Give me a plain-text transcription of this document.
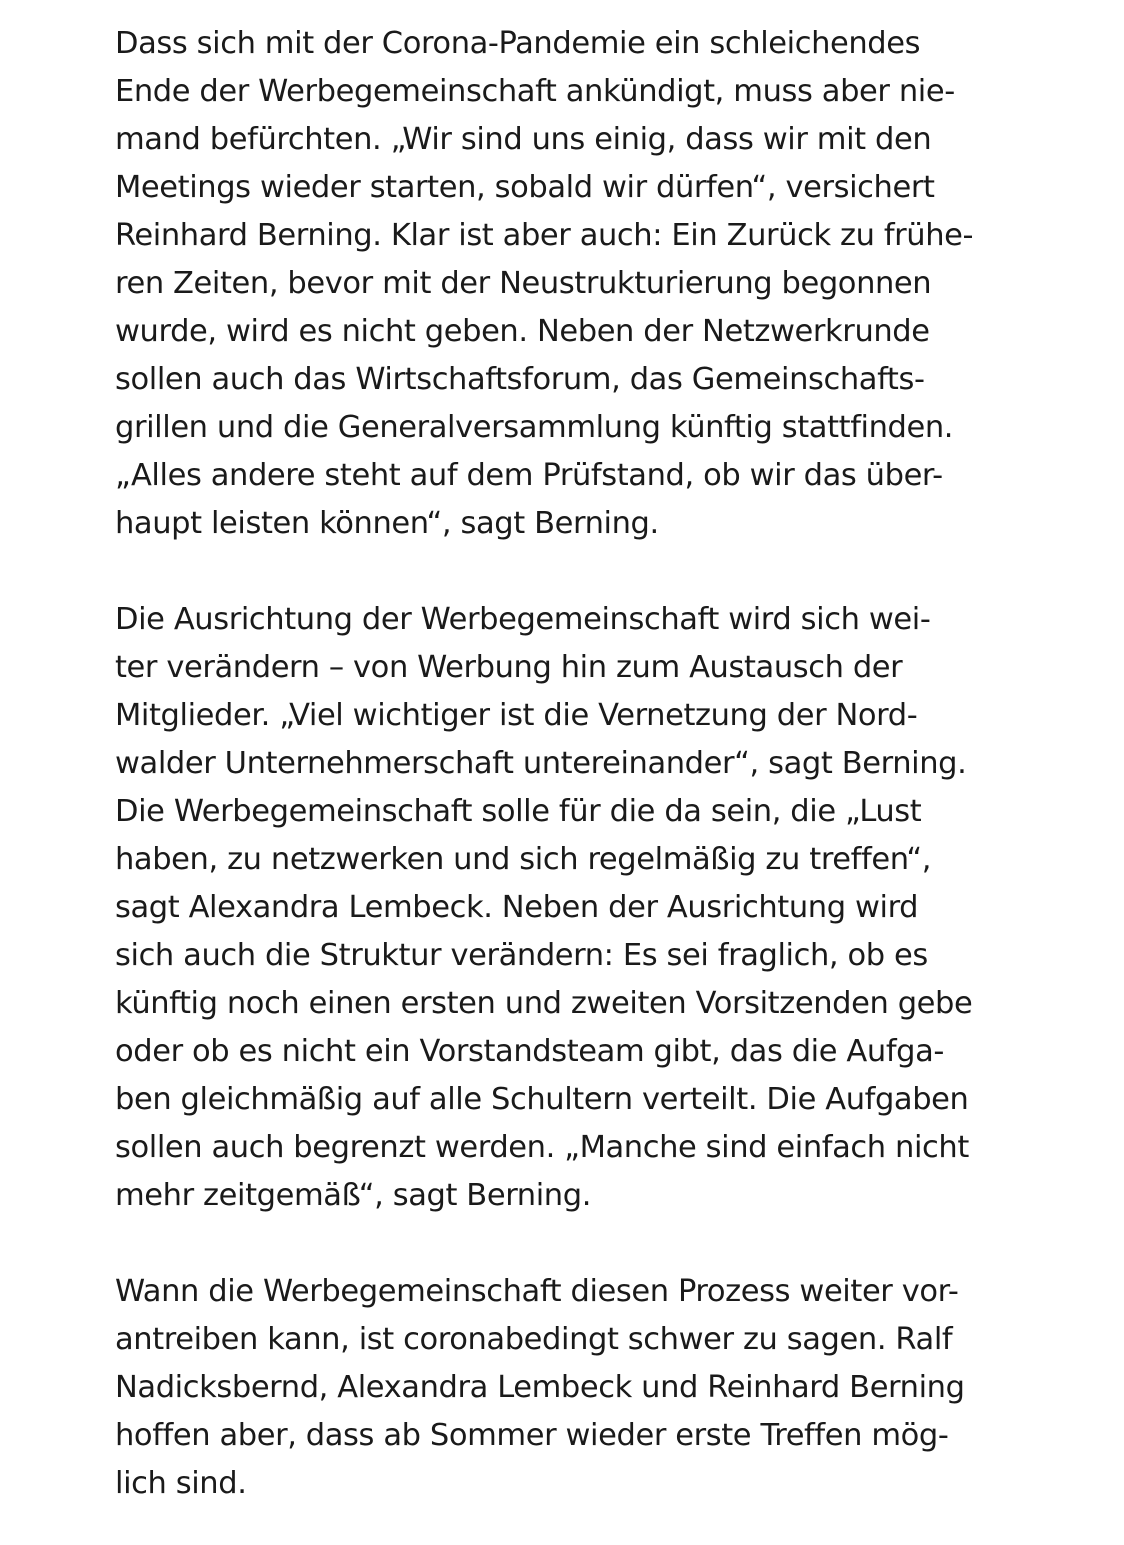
Dass sich mit der Corona-Pandemie ein schleichendes
Ende der Werbegemeinschaft ankündigt, muss aber nie-
mand befürchten. „Wir sind uns einig, dass wir mit den
Meetings wieder starten, sobald wir dürfen“, versichert
Reinhard Berning. Klar ist aber auch: Ein Zurück zu frühe-
ren Zeiten, bevor mit der Neustrukturierung begonnen
wurde, wird es nicht geben. Neben der Netzwerkrunde
sollen auch das Wirtschaftsforum, das Gemeinschafts-
grillen und die Generalversammlung künftig stattfinden.
„Alles andere steht auf dem Prüfstand, ob wir das über-
haupt leisten können“, sagt Berning.

Die Ausrichtung der Werbegemeinschaft wird sich wei-
ter verändern – von Werbung hin zum Austausch der
Mitglieder. „Viel wichtiger ist die Vernetzung der Nord-
walder Unternehmerschaft untereinander“, sagt Berning.
Die Werbegemeinschaft solle für die da sein, die „Lust
haben, zu netzwerken und sich regelmäßig zu treffen“,
sagt Alexandra Lembeck. Neben der Ausrichtung wird
sich auch die Struktur verändern: Es sei fraglich, ob es
künftig noch einen ersten und zweiten Vorsitzenden gebe
oder ob es nicht ein Vorstandsteam gibt, das die Aufga-
ben gleichmäßig auf alle Schultern verteilt. Die Aufgaben
sollen auch begrenzt werden. „Manche sind einfach nicht
mehr zeitgemäß“, sagt Berning.

Wann die Werbegemeinschaft diesen Prozess weiter vor-
antreiben kann, ist coronabedingt schwer zu sagen. Ralf
Nadicksbernd, Alexandra Lembeck und Reinhard Berning
hoffen aber, dass ab Sommer wieder erste Treffen mög-
lich sind.
